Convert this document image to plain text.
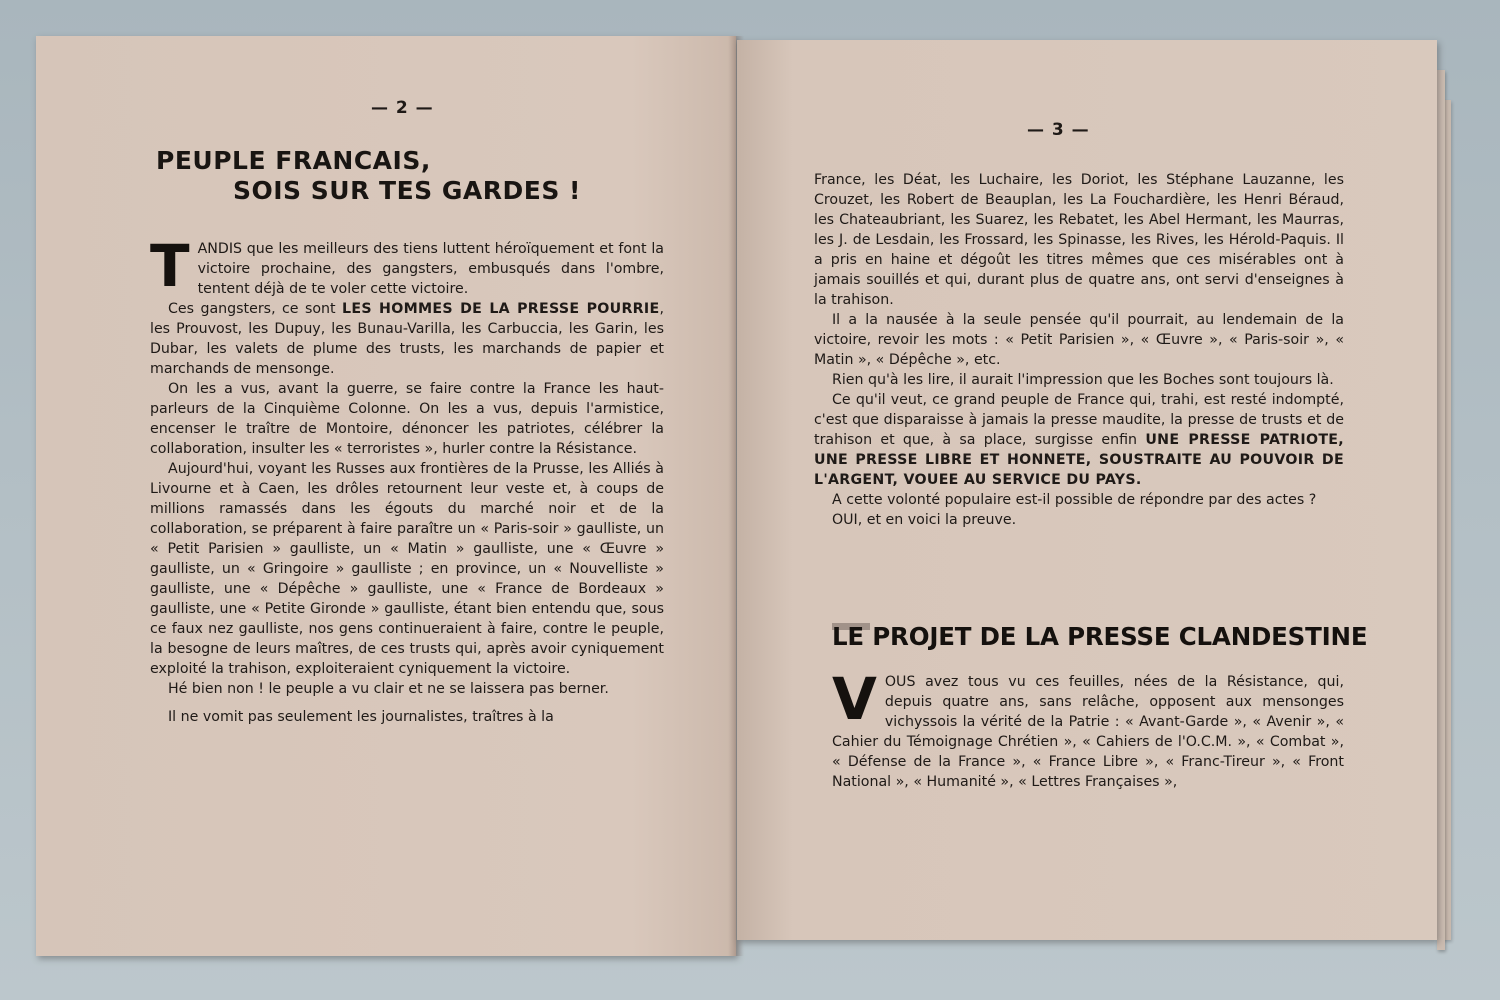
— 2 —
PEUPLE FRANCAIS,
SOIS SUR TES GARDES !

TANDIS que les meilleurs des tiens luttent héroïquement et font la victoire prochaine, des gangsters, embusqués dans l'ombre, tentent déjà de te voler cette victoire.

Ces gangsters, ce sont LES HOMMES DE LA PRESSE POURRIE, les Prouvost, les Dupuy, les Bunau-Varilla, les Carbuccia, les Garin, les Dubar, les valets de plume des trusts, les marchands de papier et marchands de mensonge.

On les a vus, avant la guerre, se faire contre la France les haut-parleurs de la Cinquième Colonne. On les a vus, depuis l'armistice, encenser le traître de Montoire, dénoncer les patriotes, célébrer la collaboration, insulter les « terroristes », hurler contre la Résistance.

Aujourd'hui, voyant les Russes aux frontières de la Prusse, les Alliés à Livourne et à Caen, les drôles retournent leur veste et, à coups de millions ramassés dans les égouts du marché noir et de la collaboration, se préparent à faire paraître un « Paris-soir » gaulliste, un « Petit Parisien » gaulliste, un « Matin » gaulliste, une « Œuvre » gaulliste, un « Gringoire » gaulliste ; en province, un « Nouvelliste » gaulliste, une « Dépêche » gaulliste, une « France de Bordeaux » gaulliste, une « Petite Gironde » gaulliste, étant bien entendu que, sous ce faux nez gaulliste, nos gens continueraient à faire, contre le peuple, la besogne de leurs maîtres, de ces trusts qui, après avoir cyniquement exploité la trahison, exploiteraient cyniquement la victoire.

Hé bien non ! le peuple a vu clair et ne se laissera pas berner.

Il ne vomit pas seulement les journalistes, traîtres à la

— 3 —

France, les Déat, les Luchaire, les Doriot, les Stéphane Lauzanne, les Crouzet, les Robert de Beauplan, les La Fouchardière, les Henri Béraud, les Chateaubriant, les Suarez, les Rebatet, les Abel Hermant, les Maurras, les J. de Lesdain, les Frossard, les Spinasse, les Rives, les Hérold-Paquis. Il a pris en haine et dégoût les titres mêmes que ces misérables ont à jamais souillés et qui, durant plus de quatre ans, ont servi d'enseignes à la trahison.

Il a la nausée à la seule pensée qu'il pourrait, au lendemain de la victoire, revoir les mots : « Petit Parisien », « Œuvre », « Paris-soir », « Matin », « Dépêche », etc.

Rien qu'à les lire, il aurait l'impression que les Boches sont toujours là.

Ce qu'il veut, ce grand peuple de France qui, trahi, est resté indompté, c'est que disparaisse à jamais la presse maudite, la presse de trusts et de trahison et que, à sa place, surgisse enfin UNE PRESSE PATRIOTE, UNE PRESSE LIBRE ET HONNETE, SOUSTRAITE AU POUVOIR DE L'ARGENT, VOUEE AU SERVICE DU PAYS.

A cette volonté populaire est-il possible de répondre par des actes ?

OUI, et en voici la preuve.

LE PROJET DE LA PRESSE CLANDESTINE

VOUS avez tous vu ces feuilles, nées de la Résistance, qui, depuis quatre ans, sans relâche, opposent aux mensonges vichyssois la vérité de la Patrie : « Avant-Garde », « Avenir », « Cahier du Témoignage Chrétien », « Cahiers de l'O.C.M. », « Combat », « Défense de la France », « France Libre », « Franc-Tireur », « Front National », « Humanité », « Lettres Françaises »,
